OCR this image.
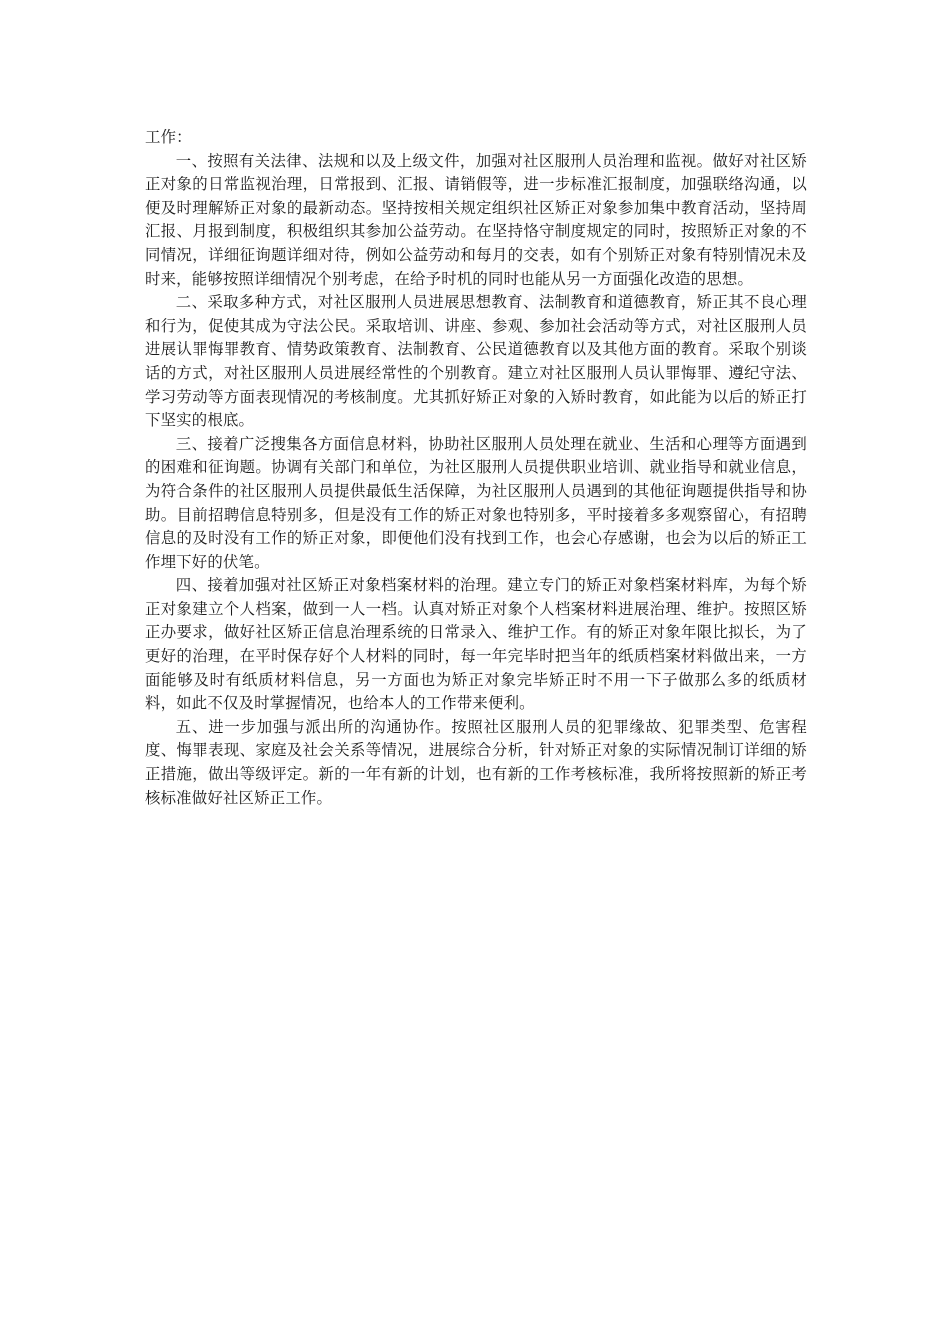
工作：

一、按照有关法律、法规和以及上级文件，加强对社区服刑人员治理和监视。做好对社区矫正对象的日常监视治理，日常报到、汇报、请销假等，进一步标准汇报制度，加强联络沟通，以便及时理解矫正对象的最新动态。坚持按相关规定组织社区矫正对象参加集中教育活动，坚持周汇报、月报到制度，积极组织其参加公益劳动。在坚持恪守制度规定的同时，按照矫正对象的不同情况，详细征询题详细对待，例如公益劳动和每月的交表，如有个别矫正对象有特别情况未及时来，能够按照详细情况个别考虑，在给予时机的同时也能从另一方面强化改造的思想。

二、采取多种方式，对社区服刑人员进展思想教育、法制教育和道德教育，矫正其不良心理和行为，促使其成为守法公民。采取培训、讲座、参观、参加社会活动等方式，对社区服刑人员进展认罪悔罪教育、情势政策教育、法制教育、公民道德教育以及其他方面的教育。采取个别谈话的方式，对社区服刑人员进展经常性的个别教育。建立对社区服刑人员认罪悔罪、遵纪守法、学习劳动等方面表现情况的考核制度。尤其抓好矫正对象的入矫时教育，如此能为以后的矫正打下坚实的根底。

三、接着广泛搜集各方面信息材料，协助社区服刑人员处理在就业、生活和心理等方面遇到的困难和征询题。协调有关部门和单位，为社区服刑人员提供职业培训、就业指导和就业信息，为符合条件的社区服刑人员提供最低生活保障，为社区服刑人员遇到的其他征询题提供指导和协助。目前招聘信息特别多，但是没有工作的矫正对象也特别多，平时接着多多观察留心，有招聘信息的及时没有工作的矫正对象，即便他们没有找到工作，也会心存感谢，也会为以后的矫正工作埋下好的伏笔。

四、接着加强对社区矫正对象档案材料的治理。建立专门的矫正对象档案材料库，为每个矫正对象建立个人档案，做到一人一档。认真对矫正对象个人档案材料进展治理、维护。按照区矫正办要求，做好社区矫正信息治理系统的日常录入、维护工作。有的矫正对象年限比拟长，为了更好的治理，在平时保存好个人材料的同时，每一年完毕时把当年的纸质档案材料做出来，一方面能够及时有纸质材料信息，另一方面也为矫正对象完毕矫正时不用一下子做那么多的纸质材料，如此不仅及时掌握情况，也给本人的工作带来便利。

五、进一步加强与派出所的沟通协作。按照社区服刑人员的犯罪缘故、犯罪类型、危害程度、悔罪表现、家庭及社会关系等情况，进展综合分析，针对矫正对象的实际情况制订详细的矫正措施，做出等级评定。新的一年有新的计划，也有新的工作考核标准，我所将按照新的矫正考核标准做好社区矫正工作。
